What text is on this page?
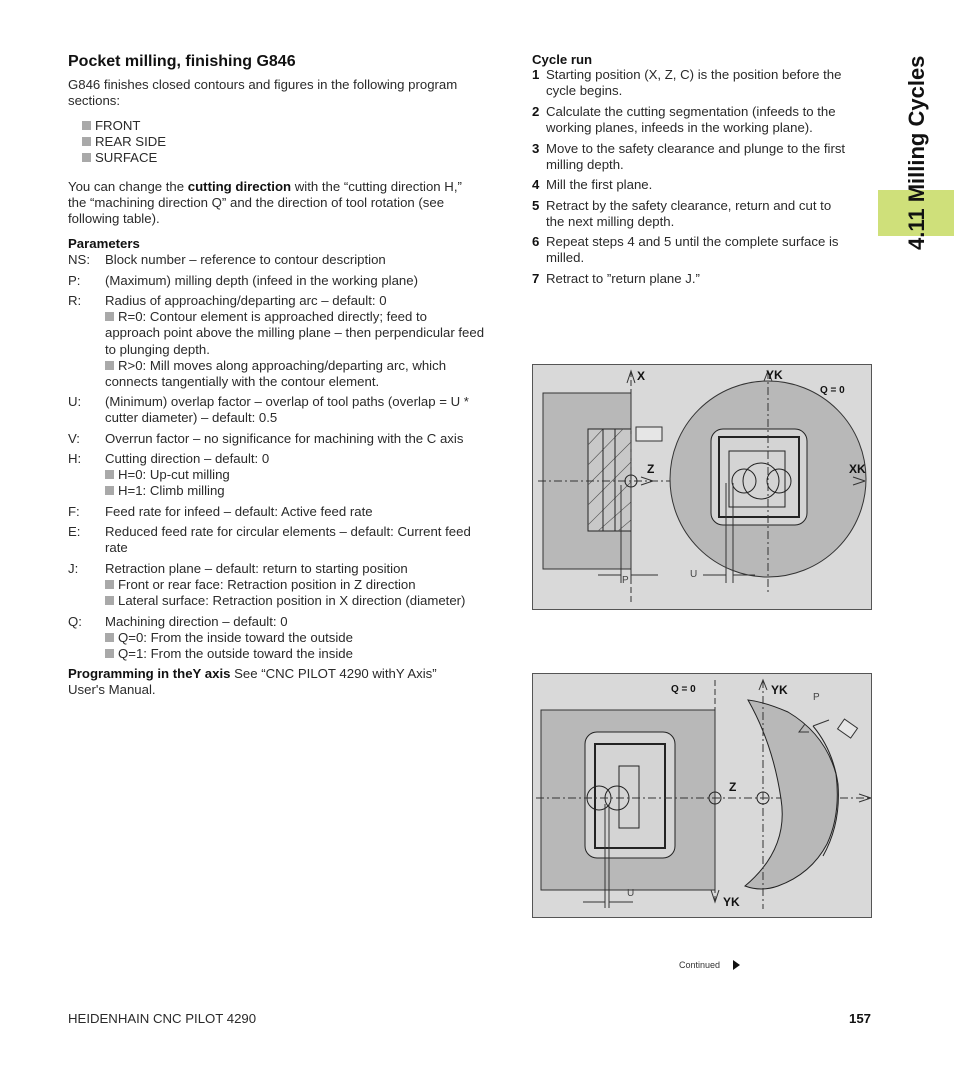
4.11 Milling Cycles
Pocket milling, finishing G846
G846 finishes closed contours and figures in the following program
sections:
FRONT
REAR SIDE
SURFACE
You can change the cutting direction with the “cutting direction H,”
the “machining direction Q” and the direction of tool rotation (see
following table).
Parameters
NS: Block number – reference to contour description
P: (Maximum) milling depth (infeed in the working plane)
R: Radius of approaching/departing arc – default: 0
R=0: Contour element is approached directly; feed to
approach point above the milling plane – then perpendicular feed
to plunging depth.
R>0: Mill moves along approaching/departing arc, which
connects tangentially with the contour element.
U: (Minimum) overlap factor – overlap of tool paths (overlap = U *
cutter diameter) – default: 0.5
V: Overrun factor – no significance for machining with the C axis
H: Cutting direction – default: 0
H=0: Up-cut milling
H=1: Climb milling
F: Feed rate for infeed – default: Active feed rate
E: Reduced feed rate for circular elements – default: Current feed
rate
J: Retraction plane – default: return to starting position
Front or rear face: Retraction position in Z direction
Lateral surface: Retraction position in X direction (diameter)
Q: Machining direction – default: 0
Q=0: From the inside toward the outside
Q=1: From the outside toward the inside
Programming in theY axis See “CNC PILOT 4290 withY Axis”
User's Manual.
Cycle run
1 Starting position (X, Z, C) is the position before the
cycle begins.
2 Calculate the cutting segmentation (infeeds to the
working planes, infeeds in the working plane).
3 Move to the safety clearance and plunge to the first
milling depth.
4 Mill the first plane.
5 Retract by the safety clearance, return and cut to
the next milling depth.
6 Repeat steps 4 and 5 until the complete surface is
milled.
7 Retract to ”return plane J.”
X	YK
Q = 0
Z	XK
P
U
Q = 0	YK
P
Z
U
YK
Continued
HEIDENHAIN CNC PILOT 4290	157
